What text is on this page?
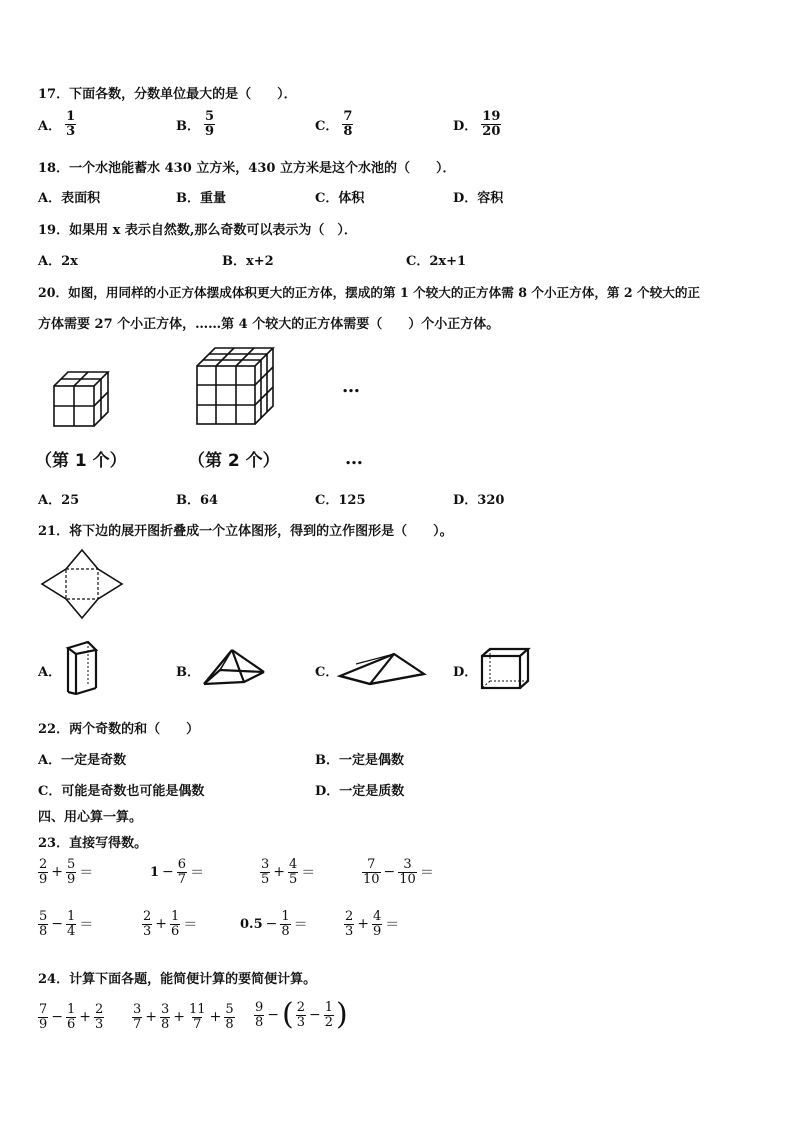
17．下面各数，分数单位最大的是（　　）．
A． $\frac{1}{3}$	B． $\frac{5}{9}$	C． $\frac{7}{8}$	D． $\frac{19}{20}$
18．一个水池能蓄水 430 立方米，430 立方米是这个水池的（　　）．
A．表面积	B．重量	C．体积	D．容积
19．如果用 x 表示自然数,那么奇数可以表示为（　）．
A．2x	B．x+2	C．2x+1
20．如图，用同样的小正方体摆成体积更大的正方体，摆成的第 1 个较大的正方体需 8 个小正方体，第 2 个较大的正
方体需要 27 个小正方体，……第 4 个较大的正方体需要（　　）个小正方体。
（第 1 个）	（第 2 个）
…
…
A．25	B．64	C．125	D．320
21．将下边的展开图折叠成一个立体图形，得到的立作图形是（　　）。
A．	B．	C．	D．
22．两个奇数的和（　　）
A．一定是奇数	B．一定是偶数
C．可能是奇数也可能是偶数	D．一定是质数
四、用心算一算。
23．直接写得数。
$\frac{2}{9} + \frac{5}{9}$ ＝	$1 - \frac{6}{7}$ ＝	$\frac{3}{5} + \frac{4}{5}$ ＝	$\frac{7}{10} - \frac{3}{10}$ ＝
$\frac{5}{8} - \frac{1}{4}$ ＝	$\frac{2}{3} + \frac{1}{6}$ ＝	$0.5 - \frac{1}{8}$ ＝	$\frac{2}{3} + \frac{4}{9}$ ＝
24．计算下面各题，能简便计算的要简便计算。
$\frac{7}{9} - \frac{1}{6} + \frac{2}{3} \frac{3}{7} + \frac{3}{8} + \frac{11}{7} + \frac{5}{8} \frac{9}{8}$ − ( $\frac{2}{3} - \frac{1}{2}$ )
